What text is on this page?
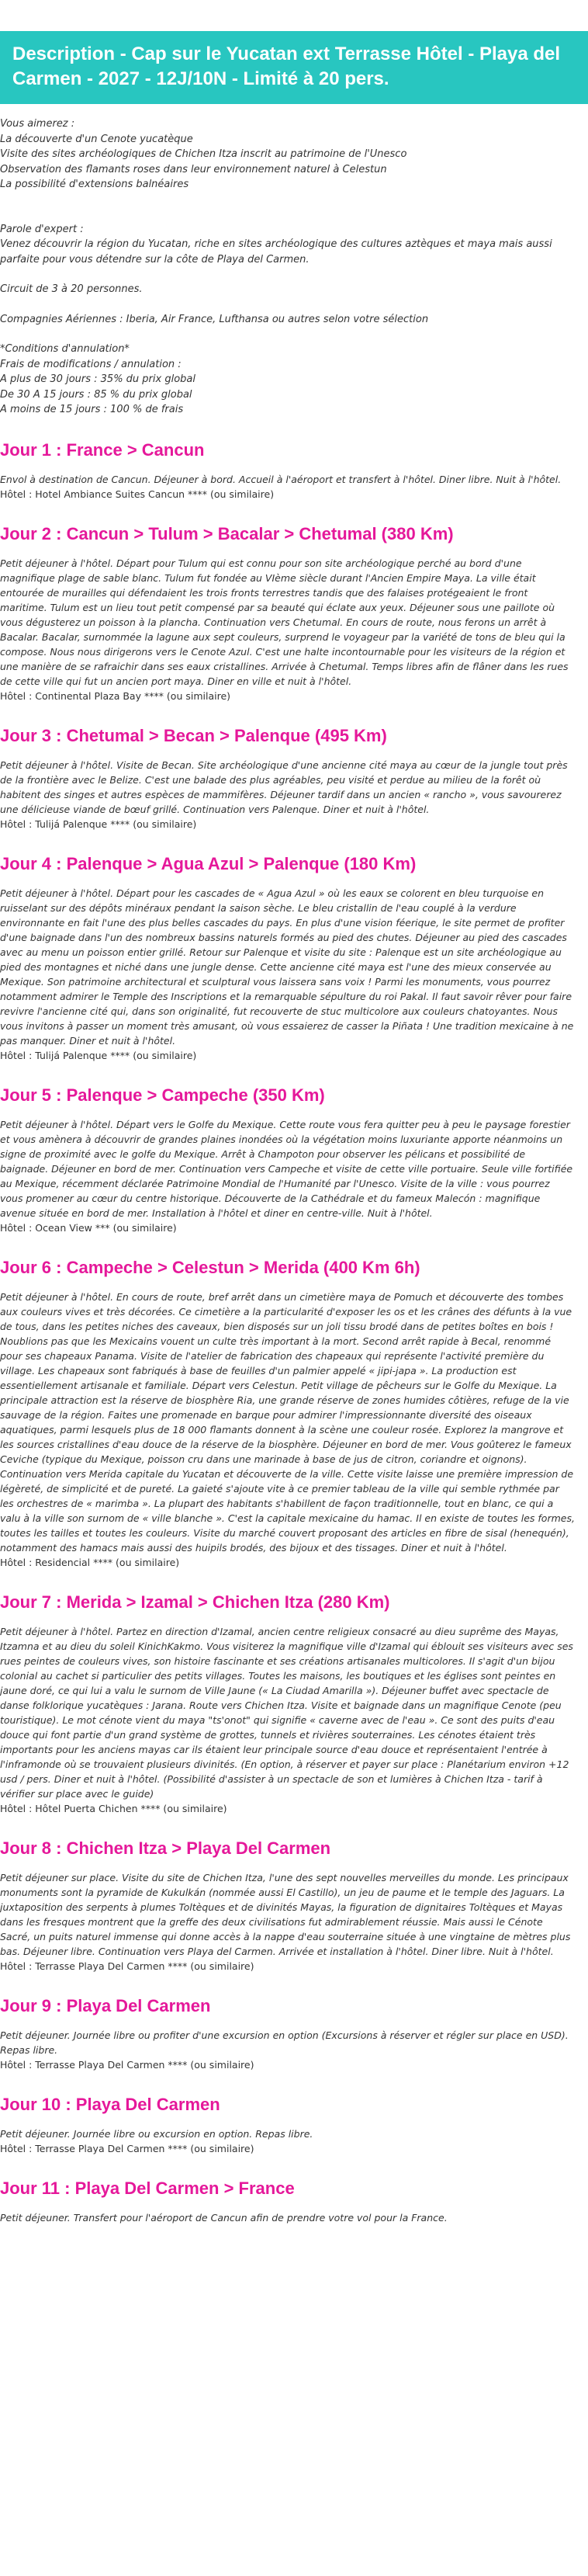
Description - Cap sur le Yucatan ext Terrasse Hôtel - Playa del Carmen - 2027 - 12J/10N - Limité à 20 pers.

Vous aimerez :

La découverte d'un Cenote yucatèque

Visite des sites archéologiques de Chichen Itza inscrit au patrimoine de l'Unesco

Observation des flamants roses dans leur environnement naturel à Celestun

La possibilité d'extensions balnéaires

Parole d'expert :

Venez découvrir la région du Yucatan, riche en sites archéologique des cultures aztèques et maya mais aussi parfaite pour vous détendre sur la côte de Playa del Carmen.

Circuit de 3 à 20 personnes.

Compagnies Aériennes : Iberia, Air France, Lufthansa ou autres selon votre sélection

*Conditions d'annulation*

Frais de modifications / annulation :

A plus de 30 jours : 35% du prix global

De 30 A 15 jours : 85 % du prix global

A moins de 15 jours : 100 % de frais

Jour 1 : France > Cancun

Envol à destination de Cancun. Déjeuner à bord. Accueil à l'aéroport et transfert à l'hôtel. Diner libre. Nuit à l'hôtel.

Hôtel : Hotel Ambiance Suites Cancun **** (ou similaire)

Jour 2 : Cancun > Tulum > Bacalar > Chetumal (380 Km)

Petit déjeuner à l'hôtel. Départ pour Tulum qui est connu pour son site archéologique perché au bord d'une magnifique plage de sable blanc. Tulum fut fondée au VIème siècle durant l'Ancien Empire Maya. La ville était entourée de murailles qui défendaient les trois fronts terrestres tandis que des falaises protégeaient le front maritime. Tulum est un lieu tout petit compensé par sa beauté qui éclate aux yeux. Déjeuner sous une paillote où vous dégusterez un poisson à la plancha. Continuation vers Chetumal. En cours de route, nous ferons un arrêt à Bacalar. Bacalar, surnommée la lagune aux sept couleurs, surprend le voyageur par la variété de tons de bleu qui la compose. Nous nous dirigerons vers le Cenote Azul. C'est une halte incontournable pour les visiteurs de la région et une manière de se rafraichir dans ses eaux cristallines. Arrivée à Chetumal. Temps libres afin de flâner dans les rues de cette ville qui fut un ancien port maya. Diner en ville et nuit à l'hôtel.

Hôtel : Continental Plaza Bay **** (ou similaire)

Jour 3 : Chetumal > Becan > Palenque (495 Km)

Petit déjeuner à l'hôtel. Visite de Becan. Site archéologique d'une ancienne cité maya au cœur de la jungle tout près de la frontière avec le Belize. C'est une balade des plus agréables, peu visité et perdue au milieu de la forêt où habitent des singes et autres espèces de mammifères. Déjeuner tardif dans un ancien « rancho », vous savourerez une délicieuse viande de bœuf grillé. Continuation vers Palenque. Diner et nuit à l'hôtel.

Hôtel : Tulijá Palenque **** (ou similaire)

Jour 4 : Palenque > Agua Azul > Palenque (180 Km)

Petit déjeuner à l'hôtel. Départ pour les cascades de « Agua Azul » où les eaux se colorent en bleu turquoise en ruisselant sur des dépôts minéraux pendant la saison sèche. Le bleu cristallin de l'eau couplé à la verdure environnante en fait l'une des plus belles cascades du pays. En plus d'une vision féerique, le site permet de profiter d'une baignade dans l'un des nombreux bassins naturels formés au pied des chutes. Déjeuner au pied des cascades avec au menu un poisson entier grillé. Retour sur Palenque et visite du site : Palenque est un site archéologique au pied des montagnes et niché dans une jungle dense. Cette ancienne cité maya est l'une des mieux conservée au Mexique. Son patrimoine architectural et sculptural vous laissera sans voix ! Parmi les monuments, vous pourrez notamment admirer le Temple des Inscriptions et la remarquable sépulture du roi Pakal. Il faut savoir rêver pour faire revivre l'ancienne cité qui, dans son originalité, fut recouverte de stuc multicolore aux couleurs chatoyantes. Nous vous invitons à passer un moment très amusant, où vous essaierez de casser la Piñata ! Une tradition mexicaine à ne pas manquer. Diner et nuit à l'hôtel.

Hôtel : Tulijá Palenque **** (ou similaire)

Jour 5 : Palenque > Campeche (350 Km)

Petit déjeuner à l'hôtel. Départ vers le Golfe du Mexique. Cette route vous fera quitter peu à peu le paysage forestier et vous amènera à découvrir de grandes plaines inondées où la végétation moins luxuriante apporte néanmoins un signe de proximité avec le golfe du Mexique. Arrêt à Champoton pour observer les pélicans et possibilité de baignade. Déjeuner en bord de mer. Continuation vers Campeche et visite de cette ville portuaire. Seule ville fortifiée au Mexique, récemment déclarée Patrimoine Mondial de l'Humanité par l'Unesco. Visite de la ville : vous pourrez vous promener au cœur du centre historique. Découverte de la Cathédrale et du fameux Malecón : magnifique avenue située en bord de mer. Installation à l'hôtel et diner en centre-ville. Nuit à l'hôtel.

Hôtel : Ocean View *** (ou similaire)

Jour 6 : Campeche > Celestun > Merida (400 Km 6h)

Petit déjeuner à l'hôtel. En cours de route, bref arrêt dans un cimetière maya de Pomuch et découverte des tombes aux couleurs vives et très décorées. Ce cimetière a la particularité d'exposer les os et les crânes des défunts à la vue de tous, dans les petites niches des caveaux, bien disposés sur un joli tissu brodé dans de petites boîtes en bois ! Noublions pas que les Mexicains vouent un culte très important à la mort. Second arrêt rapide à Becal, renommé pour ses chapeaux Panama. Visite de l'atelier de fabrication des chapeaux qui représente l'activité première du village. Les chapeaux sont fabriqués à base de feuilles d'un palmier appelé « jipi-japa ». La production est essentiellement artisanale et familiale. Départ vers Celestun. Petit village de pêcheurs sur le Golfe du Mexique. La principale attraction est la réserve de biosphère Ria, une grande réserve de zones humides côtières, refuge de la vie sauvage de la région. Faites une promenade en barque pour admirer l'impressionnante diversité des oiseaux aquatiques, parmi lesquels plus de 18 000 flamants donnent à la scène une couleur rosée. Explorez la mangrove et les sources cristallines d'eau douce de la réserve de la biosphère. Déjeuner en bord de mer. Vous goûterez le fameux Ceviche (typique du Mexique, poisson cru dans une marinade à base de jus de citron, coriandre et oignons). Continuation vers Merida capitale du Yucatan et découverte de la ville. Cette visite laisse une première impression de légèreté, de simplicité et de pureté. La gaieté s'ajoute vite à ce premier tableau de la ville qui semble rythmée par les orchestres de « marimba ». La plupart des habitants s'habillent de façon traditionnelle, tout en blanc, ce qui a valu à la ville son surnom de « ville blanche ». C'est la capitale mexicaine du hamac. Il en existe de toutes les formes, toutes les tailles et toutes les couleurs. Visite du marché couvert proposant des articles en fibre de sisal (henequén), notamment des hamacs mais aussi des huipils brodés, des bijoux et des tissages. Diner et nuit à l'hôtel.

Hôtel : Residencial **** (ou similaire)

Jour 7 : Merida > Izamal > Chichen Itza (280 Km)

Petit déjeuner à l'hôtel. Partez en direction d'Izamal, ancien centre religieux consacré au dieu suprême des Mayas, Itzamna et au dieu du soleil KinichKakmo. Vous visiterez la magnifique ville d'Izamal qui éblouit ses visiteurs avec ses rues peintes de couleurs vives, son histoire fascinante et ses créations artisanales multicolores. Il s'agit d'un bijou colonial au cachet si particulier des petits villages. Toutes les maisons, les boutiques et les églises sont peintes en jaune doré, ce qui lui a valu le surnom de Ville Jaune (« La Ciudad Amarilla »). Déjeuner buffet avec spectacle de danse folklorique yucatèques : Jarana. Route vers Chichen Itza. Visite et baignade dans un magnifique Cenote (peu touristique). Le mot cénote vient du maya "ts'onot" qui signifie « caverne avec de l'eau ». Ce sont des puits d'eau douce qui font partie d'un grand système de grottes, tunnels et rivières souterraines. Les cénotes étaient très importants pour les anciens mayas car ils étaient leur principale source d'eau douce et représentaient l'entrée à l'inframonde où se trouvaient plusieurs divinités. (En option, à réserver et payer sur place : Planétarium environ +12 usd / pers. Diner et nuit à l'hôtel. (Possibilité d'assister à un spectacle de son et lumières à Chichen Itza - tarif à vérifier sur place avec le guide)

Hôtel : Hôtel Puerta Chichen **** (ou similaire)

Jour 8 : Chichen Itza > Playa Del Carmen

Petit déjeuner sur place. Visite du site de Chichen Itza, l'une des sept nouvelles merveilles du monde. Les principaux monuments sont la pyramide de Kukulkán (nommée aussi El Castillo), un jeu de paume et le temple des Jaguars. La juxtaposition des serpents à plumes Toltèques et de divinités Mayas, la figuration de dignitaires Toltèques et Mayas dans les fresques montrent que la greffe des deux civilisations fut admirablement réussie. Mais aussi le Cénote Sacré, un puits naturel immense qui donne accès à la nappe d'eau souterraine située à une vingtaine de mètres plus bas. Déjeuner libre. Continuation vers Playa del Carmen. Arrivée et installation à l'hôtel. Diner libre. Nuit à l'hôtel.

Hôtel : Terrasse Playa Del Carmen **** (ou similaire)

Jour 9 : Playa Del Carmen

Petit déjeuner. Journée libre ou profiter d'une excursion en option (Excursions à réserver et régler sur place en USD). Repas libre.

Hôtel : Terrasse Playa Del Carmen **** (ou similaire)

Jour 10 : Playa Del Carmen

Petit déjeuner. Journée libre ou excursion en option. Repas libre.

Hôtel : Terrasse Playa Del Carmen **** (ou similaire)

Jour 11 : Playa Del Carmen > France

Petit déjeuner. Transfert pour l'aéroport de Cancun afin de prendre votre vol pour la France.
